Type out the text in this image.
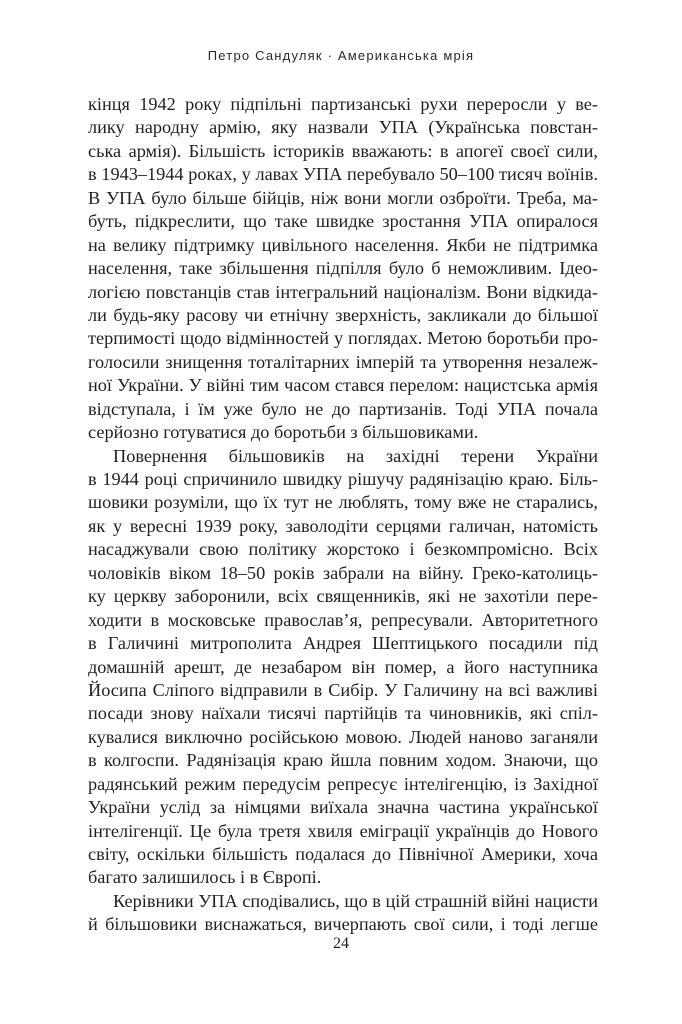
Петро Сандуляк · Американська мрія
кінця 1942 року підпільні партизанські рухи переросли у ве-
лику народну армію, яку назвали УПА (Українська повстан-
ська армія). Більшість істориків вважають: в апогеї своєї сили,
в 1943–1944 роках, у лавах УПА перебувало 50–100 тисяч воїнів.
В УПА було більше бійців, ніж вони могли озброїти. Треба, ма-
буть, підкреслити, що таке швидке зростання УПА опиралося
на велику підтримку цивільного населення. Якби не підтримка
населення, таке збільшення підпілля було б неможливим. Ідео-
логією повстанців став інтегральний націоналізм. Вони відкида-
ли будь-яку расову чи етнічну зверхність, закликали до більшої
терпимості щодо відмінностей у поглядах. Метою боротьби про-
голосили знищення тоталітарних імперій та утворення незалеж-
ної України. У війні тим часом стався перелом: нацистська армія
відступала, і їм уже було не до партизанів. Тоді УПА почала
серйозно готуватися до боротьби з більшовиками.
Повернення більшовиків на західні терени України
в 1944 році спричинило швидку рішучу радянізацію краю. Біль-
шовики розуміли, що їх тут не люблять, тому вже не старались,
як у вересні 1939 року, заволодіти серцями галичан, натомість
насаджували свою політику жорстоко і безкомпромісно. Всіх
чоловіків віком 18–50 років забрали на війну. Греко-католиць-
ку церкву заборонили, всіх священників, які не захотіли пере-
ходити в московське православ’я, репресували. Авторитетного
в Галичині митрополита Андрея Шептицького посадили під
домашній арешт, де незабаром він помер, а його наступника
Йосипа Сліпого відправили в Сибір. У Галичину на всі важливі
посади знову наїхали тисячі партійців та чиновників, які спіл-
кувалися виключно російською мовою. Людей наново заганяли
в колгоспи. Радянізація краю йшла повним ходом. Знаючи, що
радянський режим передусім репресує інтелігенцію, із Західної
України услід за німцями виїхала значна частина української
інтелігенції. Це була третя хвиля еміграції українців до Нового
світу, оскільки більшість подалася до Північної Америки, хоча
багато залишилось і в Європі.
Керівники УПА сподівались, що в цій страшній війні нацисти
й більшовики виснажаться, вичерпають свої сили, і тоді легше
24
